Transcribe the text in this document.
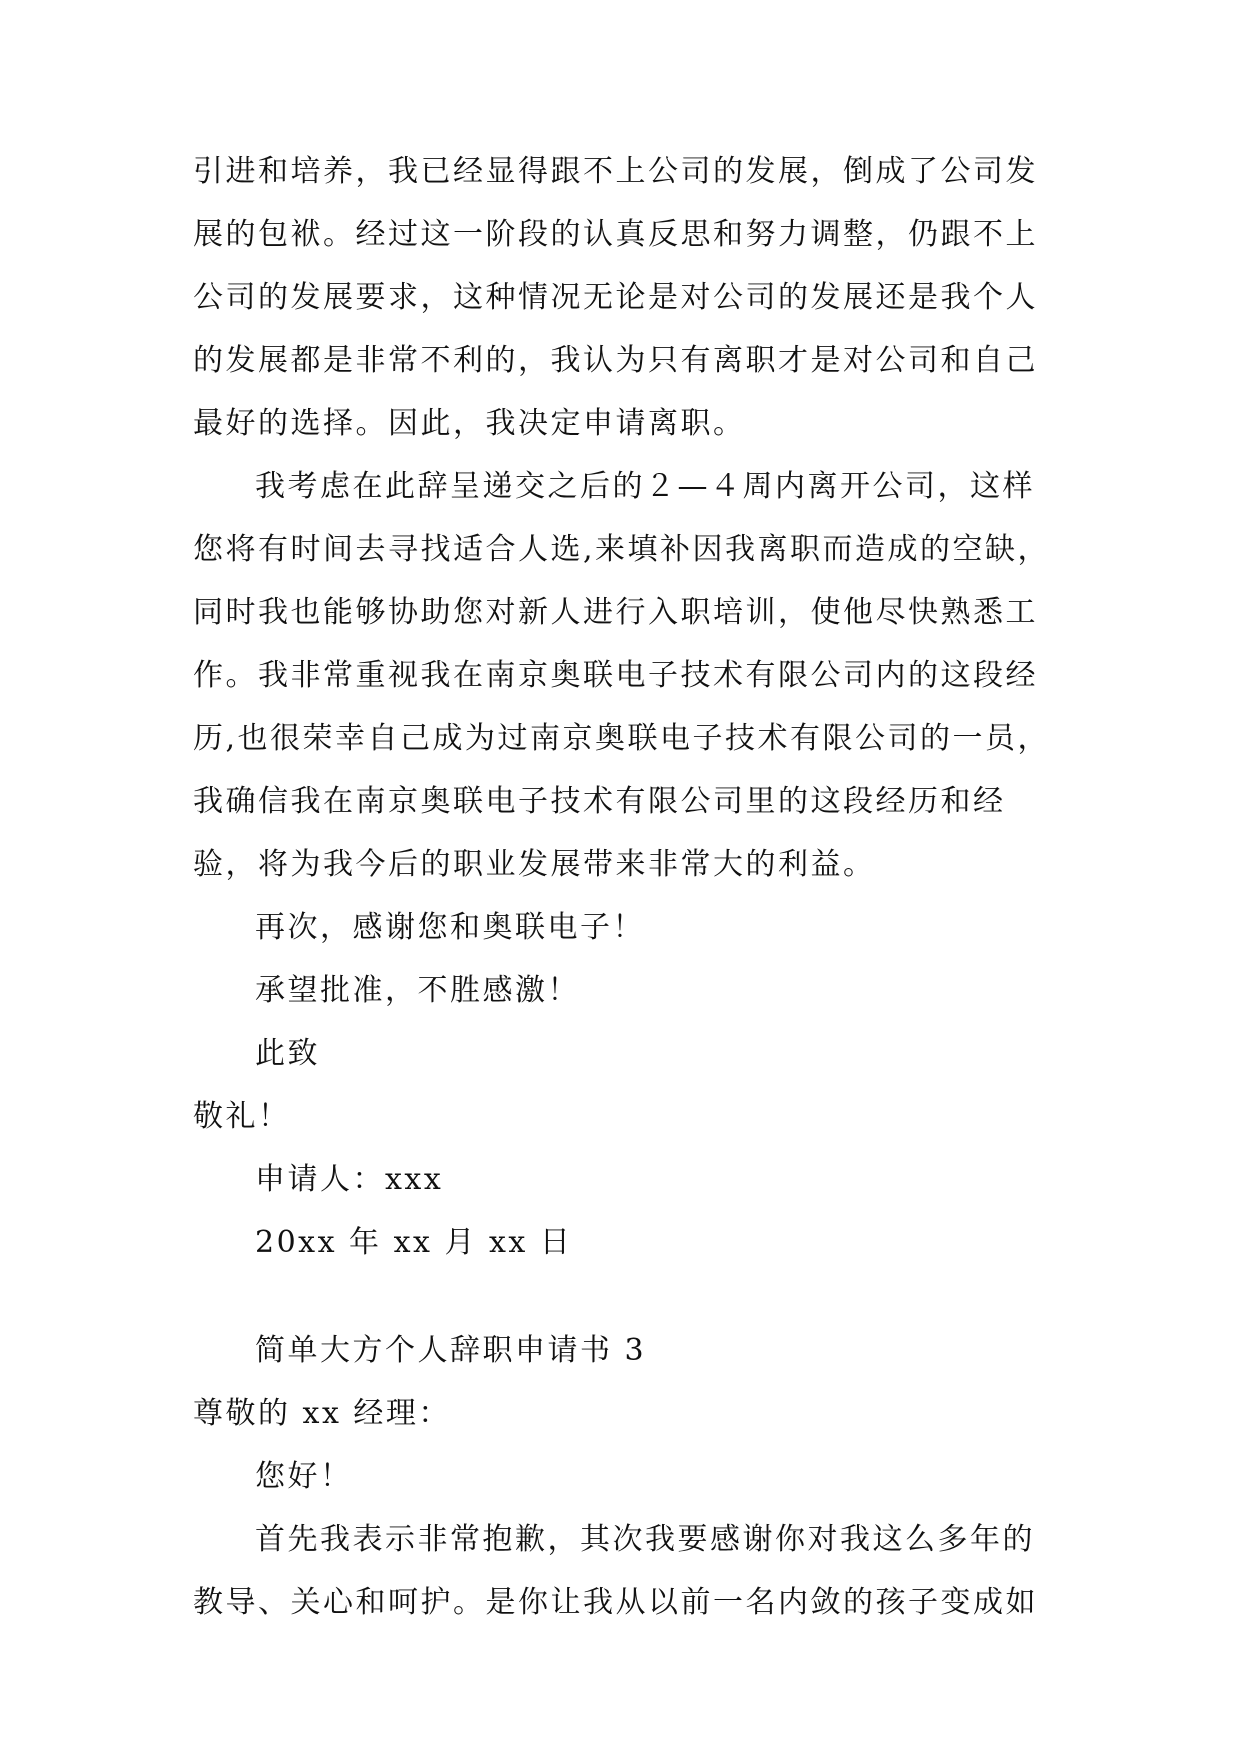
引进和培养，我已经显得跟不上公司的发展，倒成了公司发
展的包袱。经过这一阶段的认真反思和努力调整，仍跟不上
公司的发展要求，这种情况无论是对公司的发展还是我个人
的发展都是非常不利的，我认为只有离职才是对公司和自己
最好的选择。因此，我决定申请离职。
我考虑在此辞呈递交之后的２—４周内离开公司，这样
您将有时间去寻找适合人选,来填补因我离职而造成的空缺，
同时我也能够协助您对新人进行入职培训，使他尽快熟悉工
作。我非常重视我在南京奥联电子技术有限公司内的这段经
历,也很荣幸自己成为过南京奥联电子技术有限公司的一员，
我确信我在南京奥联电子技术有限公司里的这段经历和经
验，将为我今后的职业发展带来非常大的利益。
再次，感谢您和奥联电子！
承望批准，不胜感激！
此致
敬礼！
申请人：xxx
20xx 年 xx 月 xx 日
简单大方个人辞职申请书 3
尊敬的 xx 经理：
您好！
首先我表示非常抱歉，其次我要感谢你对我这么多年的
教导、关心和呵护。是你让我从以前一名内敛的孩子变成如
